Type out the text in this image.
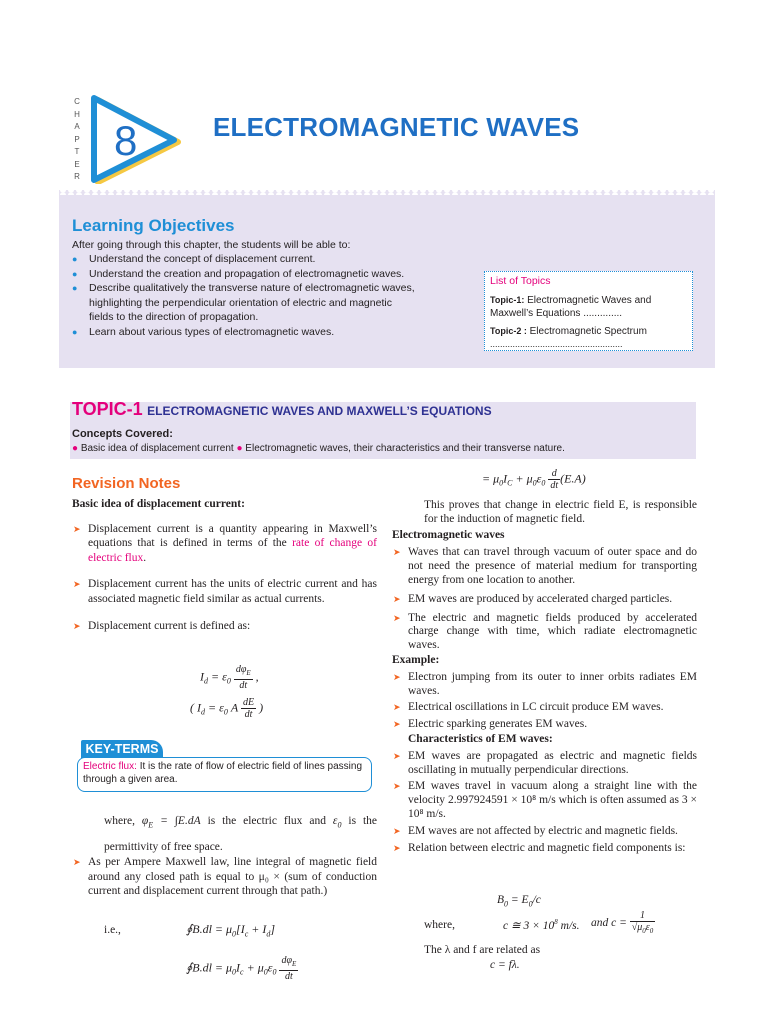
C
H
A
P
T
E
R
8	ELECTROMAGNETIC WAVES
Learning Objectives
After going through this chapter, the students will be able to:
● Understand the concept of displacement current.
● Understand the creation and propagation of electromagnetic waves.
● Describe qualitatively the transverse nature of electromagnetic waves, highlighting the perpendicular orientation of electric and magnetic fields to the direction of propagation.
● Learn about various types of electromagnetic waves.
List of Topics
Topic-1: Electromagnetic Waves and Maxwell’s Equations ..............
Topic-2 : Electromagnetic Spectrum
.....................................................
TOPIC-1 ELECTROMAGNETIC WAVES AND MAXWELL’S EQUATIONS
Concepts Covered:
● Basic idea of displacement current ● Electromagnetic waves, their characteristics and their transverse nature.
Revision Notes
Basic idea of displacement current:
➤ Displacement current is a quantity appearing in Maxwell’s equations that is defined in terms of the rate of change of electric flux.
➤ Displacement current has the units of electric current and has associated magnetic field similar as actual currents.
➤ Displacement current is defined as:
$I_d = \varepsilon_0 \frac{d\varphi_E}{dt}$ ,
( $I_d = \varepsilon_0$ A $\frac{dE}{dt}$ )
KEY-TERMS
Electric flux: It is the rate of flow of electric field of lines passing through a given area.
where, $\varphi_E = \int E.dA$ is the electric flux and $\varepsilon_0$ is the permittivity of free space.
➤ As per Ampere Maxwell law, line integral of magnetic field around any closed path is equal to μ₀ × (sum of conduction current and displacement current through that path.)
i.e.,	∮B.dl = $\mu_0[I_c + I_d]$
∮B.dl = $\mu_0I_c + \mu_0\varepsilon_0 \frac{d\varphi_E}{dt}$
= $\mu_0I_C + \mu_0\varepsilon_0 \frac{d}{dt} (E.A)$
This proves that change in electric field E, is responsible for the induction of magnetic field.
Electromagnetic waves
➤ Waves that can travel through vacuum of outer space and do not need the presence of material medium for transporting energy from one location to another.
➤ EM waves are produced by accelerated charged particles.
➤ The electric and magnetic fields produced by accelerated charge change with time, which radiate electromagnetic waves.
Example:
➤ Electron jumping from its outer to inner orbits radiates EM waves.
➤ Electrical oscillations in LC circuit produce EM waves.
➤ Electric sparking generates EM waves.
Characteristics of EM waves:
➤ EM waves are propagated as electric and magnetic fields oscillating in mutually perpendicular directions.
➤ EM waves travel in vacuum along a straight line with the velocity 2.997924591 × 10⁸ m/s which is often assumed as 3 × 10⁸ m/s.
➤ EM waves are not affected by electric and magnetic fields.
➤ Relation between electric and magnetic field components is:
$B_0 = E_0/c$
where,	c ≅ $3 \times 10^8$ m/s. and $c = \frac{1}{√\mu_0\varepsilon_0}$
The λ and f are related as
c = fλ.
